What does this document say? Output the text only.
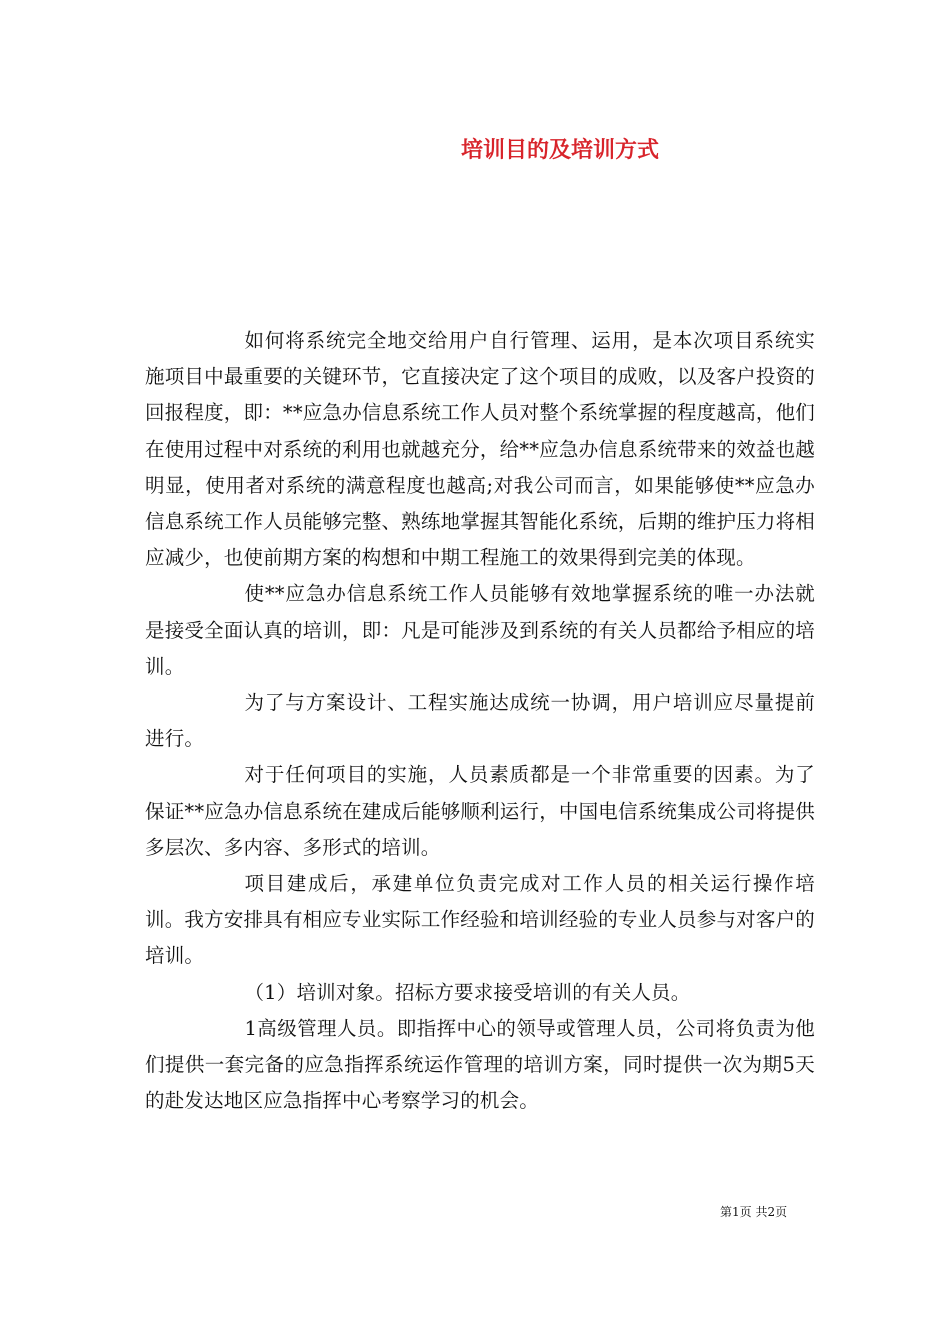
培训目的及培训方式

如何将系统完全地交给用户自行管理、运用，是本次项目系统实施项目中最重要的关键环节，它直接决定了这个项目的成败，以及客户投资的回报程度，即：**应急办信息系统工作人员对整个系统掌握的程度越高，他们在使用过程中对系统的利用也就越充分，给**应急办信息系统带来的效益也越明显，使用者对系统的满意程度也越高;对我公司而言，如果能够使**应急办信息系统工作人员能够完整、熟练地掌握其智能化系统，后期的维护压力将相应减少，也使前期方案的构想和中期工程施工的效果得到完美的体现。

使**应急办信息系统工作人员能够有效地掌握系统的唯一办法就是接受全面认真的培训，即：凡是可能涉及到系统的有关人员都给予相应的培训。

为了与方案设计、工程实施达成统一协调，用户培训应尽量提前进行。

对于任何项目的实施，人员素质都是一个非常重要的因素。为了保证**应急办信息系统在建成后能够顺利运行，中国电信系统集成公司将提供多层次、多内容、多形式的培训。

项目建成后，承建单位负责完成对工作人员的相关运行操作培训。我方安排具有相应专业实际工作经验和培训经验的专业人员参与对客户的培训。

（1）培训对象。招标方要求接受培训的有关人员。

1高级管理人员。即指挥中心的领导或管理人员，公司将负责为他们提供一套完备的应急指挥系统运作管理的培训方案，同时提供一次为期5天的赴发达地区应急指挥中心考察学习的机会。

第1页 共2页
